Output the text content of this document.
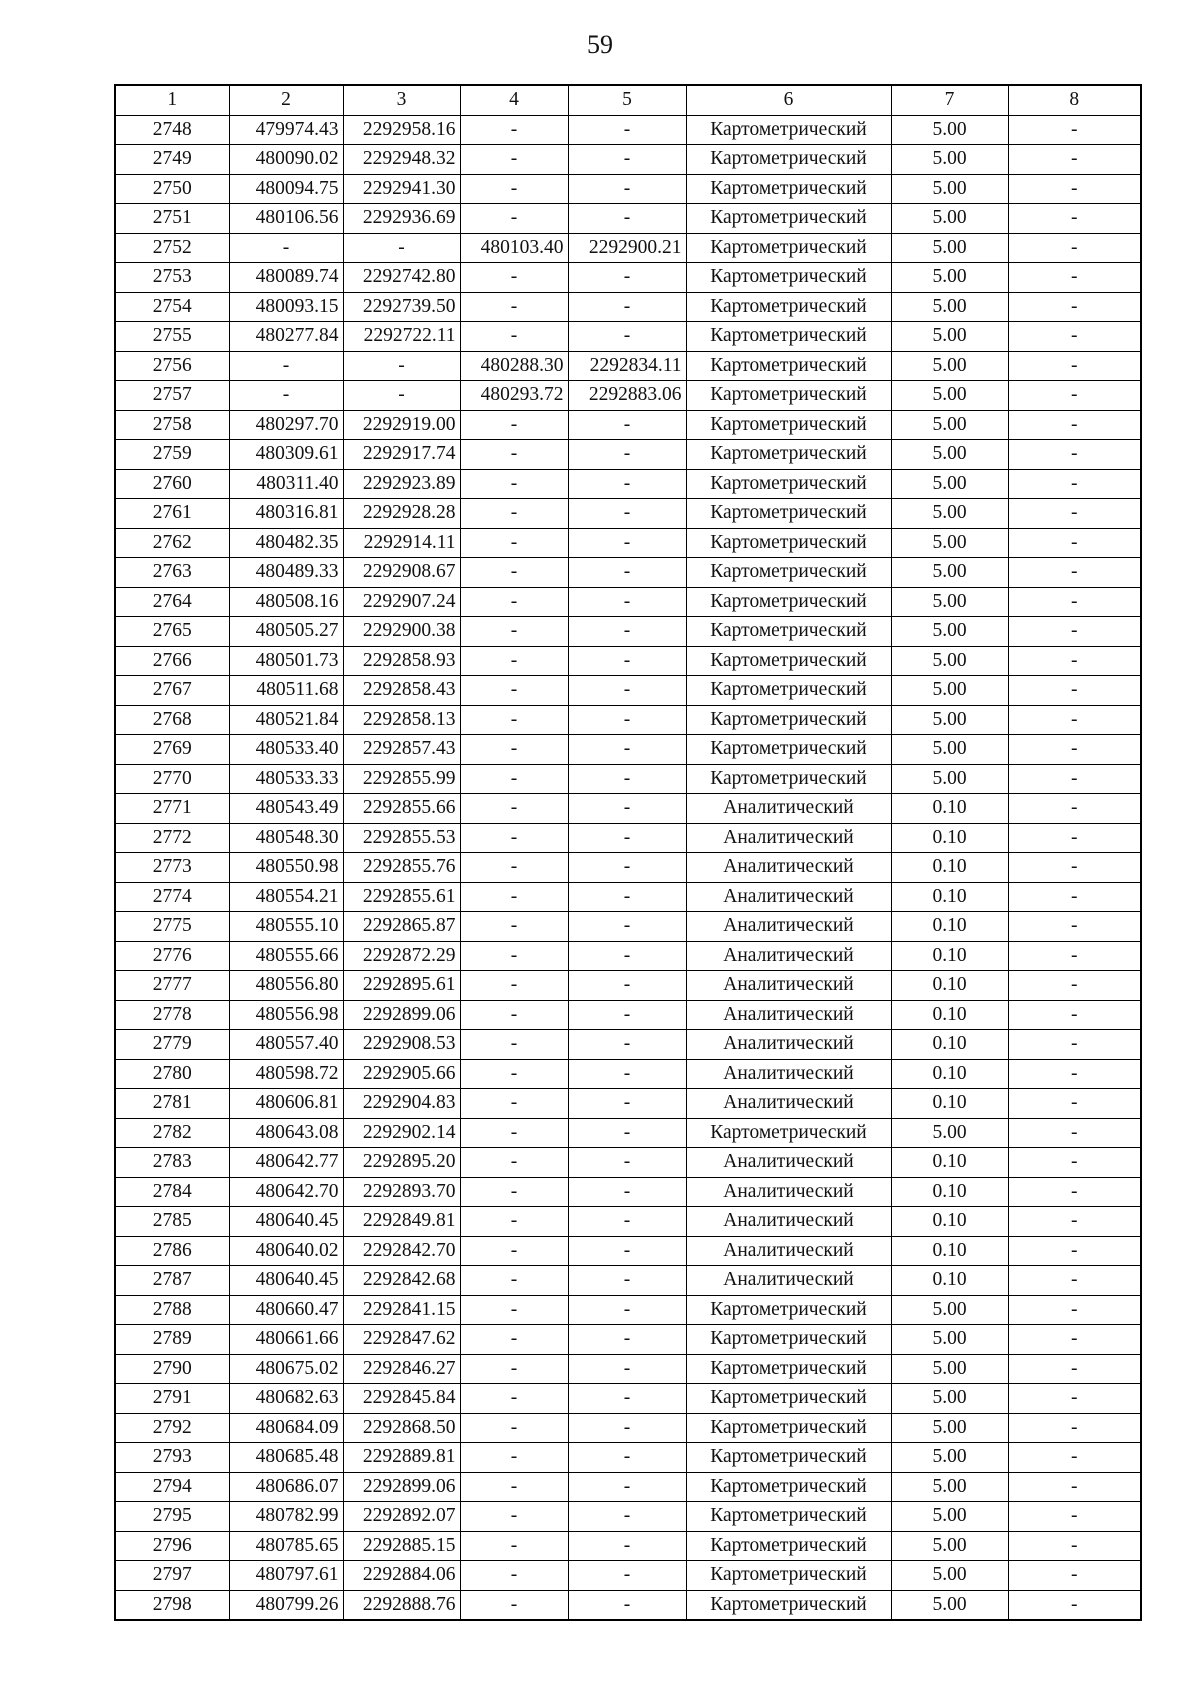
59
1	2	3	4	5	6	7	8
2748	479974.43	2292958.16	-	-	Картометрический	5.00	-
2749	480090.02	2292948.32	-	-	Картометрический	5.00	-
2750	480094.75	2292941.30	-	-	Картометрический	5.00	-
2751	480106.56	2292936.69	-	-	Картометрический	5.00	-
2752	-	-	480103.40	2292900.21	Картометрический	5.00	-
2753	480089.74	2292742.80	-	-	Картометрический	5.00	-
2754	480093.15	2292739.50	-	-	Картометрический	5.00	-
2755	480277.84	2292722.11	-	-	Картометрический	5.00	-
2756	-	-	480288.30	2292834.11	Картометрический	5.00	-
2757	-	-	480293.72	2292883.06	Картометрический	5.00	-
2758	480297.70	2292919.00	-	-	Картометрический	5.00	-
2759	480309.61	2292917.74	-	-	Картометрический	5.00	-
2760	480311.40	2292923.89	-	-	Картометрический	5.00	-
2761	480316.81	2292928.28	-	-	Картометрический	5.00	-
2762	480482.35	2292914.11	-	-	Картометрический	5.00	-
2763	480489.33	2292908.67	-	-	Картометрический	5.00	-
2764	480508.16	2292907.24	-	-	Картометрический	5.00	-
2765	480505.27	2292900.38	-	-	Картометрический	5.00	-
2766	480501.73	2292858.93	-	-	Картометрический	5.00	-
2767	480511.68	2292858.43	-	-	Картометрический	5.00	-
2768	480521.84	2292858.13	-	-	Картометрический	5.00	-
2769	480533.40	2292857.43	-	-	Картометрический	5.00	-
2770	480533.33	2292855.99	-	-	Картометрический	5.00	-
2771	480543.49	2292855.66	-	-	Аналитический	0.10	-
2772	480548.30	2292855.53	-	-	Аналитический	0.10	-
2773	480550.98	2292855.76	-	-	Аналитический	0.10	-
2774	480554.21	2292855.61	-	-	Аналитический	0.10	-
2775	480555.10	2292865.87	-	-	Аналитический	0.10	-
2776	480555.66	2292872.29	-	-	Аналитический	0.10	-
2777	480556.80	2292895.61	-	-	Аналитический	0.10	-
2778	480556.98	2292899.06	-	-	Аналитический	0.10	-
2779	480557.40	2292908.53	-	-	Аналитический	0.10	-
2780	480598.72	2292905.66	-	-	Аналитический	0.10	-
2781	480606.81	2292904.83	-	-	Аналитический	0.10	-
2782	480643.08	2292902.14	-	-	Картометрический	5.00	-
2783	480642.77	2292895.20	-	-	Аналитический	0.10	-
2784	480642.70	2292893.70	-	-	Аналитический	0.10	-
2785	480640.45	2292849.81	-	-	Аналитический	0.10	-
2786	480640.02	2292842.70	-	-	Аналитический	0.10	-
2787	480640.45	2292842.68	-	-	Аналитический	0.10	-
2788	480660.47	2292841.15	-	-	Картометрический	5.00	-
2789	480661.66	2292847.62	-	-	Картометрический	5.00	-
2790	480675.02	2292846.27	-	-	Картометрический	5.00	-
2791	480682.63	2292845.84	-	-	Картометрический	5.00	-
2792	480684.09	2292868.50	-	-	Картометрический	5.00	-
2793	480685.48	2292889.81	-	-	Картометрический	5.00	-
2794	480686.07	2292899.06	-	-	Картометрический	5.00	-
2795	480782.99	2292892.07	-	-	Картометрический	5.00	-
2796	480785.65	2292885.15	-	-	Картометрический	5.00	-
2797	480797.61	2292884.06	-	-	Картометрический	5.00	-
2798	480799.26	2292888.76	-	-	Картометрический	5.00	-
